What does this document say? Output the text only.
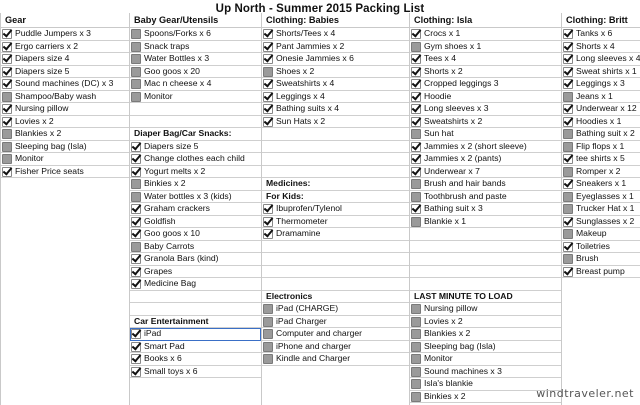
Up North - Summer 2015 Packing List
Gear
Puddle Jumpers x 3
Ergo carriers x 2
Diapers size 4
Diapers size 5
Sound machines (DC) x 3
Shampoo/Baby wash
Nursing pillow
Lovies x 2
Blankies x 2
Sleeping bag (Isla)
Monitor
Fisher Price seats
Baby Gear/Utensils
Spoons/Forks x 6
Snack traps
Water Bottles x 3
Goo goos x 20
Mac n cheese x 4
Monitor
Diaper Bag/Car Snacks:
Diapers size 5
Change clothes each child
Yogurt melts x 2
Binkies x 2
Water bottles x 3 (kids)
Graham crackers
Goldfish
Goo goos x 10
Baby Carrots
Granola Bars (kind)
Grapes
Medicine Bag
Car Entertainment
iPad
Smart Pad
Books x 6
Small toys x 6
Clothing: Babies
Shorts/Tees x 4
Pant Jammies x 2
Onesie Jammies x 6
Shoes x 2
Sweatshirts x 4
Leggings x 4
Bathing suits x 4
Sun Hats x 2
Medicines:
For Kids:
Ibuprofen/Tylenol
Thermometer
Dramamine
Electronics
iPad (CHARGE)
iPad Charger
Computer and charger
iPhone and charger
Kindle and Charger
Clothing: Isla
Crocs x 1
Gym shoes x 1
Tees x 4
Shorts x 2
Cropped leggings 3
Hoodie
Long sleeves x 3
Sweatshirts x 2
Sun hat
Jammies x 2 (short sleeve)
Jammies x 2 (pants)
Underwear x 7
Brush and hair bands
Toothbrush and paste
Bathing suit x 3
Blankie x 1
LAST MINUTE TO LOAD
Nursing pillow
Lovies x 2
Blankies x 2
Sleeping bag (Isla)
Monitor
Sound machines x 3
Isla's blankie
Binkies x 2
Clothing: Britt
Tanks x 6
Shorts x 4
Long sleeves x 4
Sweat shirts x 1
Leggings x 3
Jeans x 1
Underwear x 12
Hoodies x 1
Bathing suit x 2
Flip flops x 1
tee shirts x 5
Romper x 2
Sneakers x 1
Eyeglasses x 1
Trucker Hat x 1
Sunglasses x 2
Makeup
Toiletries
Brush
Breast pump
windtraveler.net
